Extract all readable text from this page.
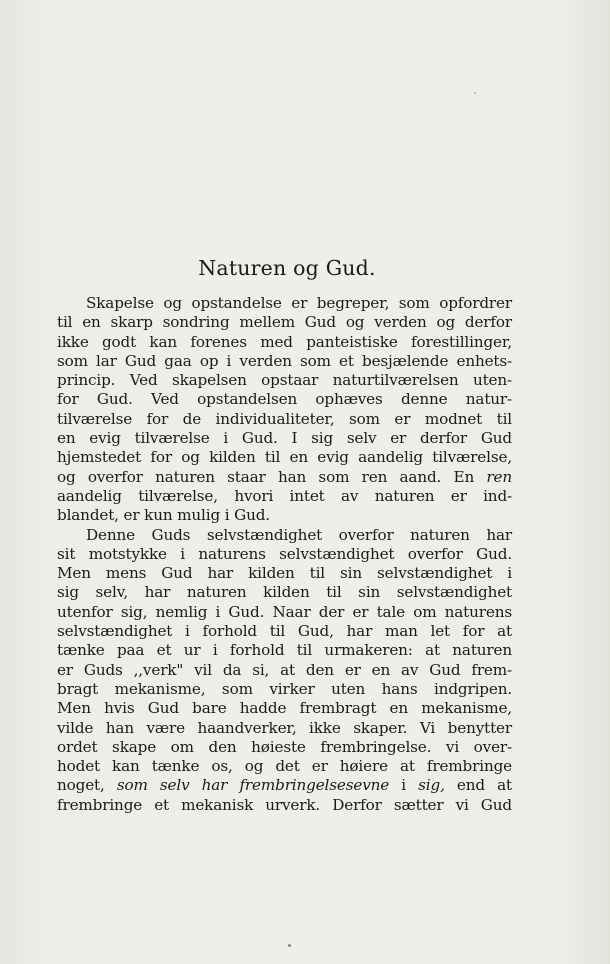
Naturen og Gud.
Skapelse og opstandelse er begreper, som opfordrer
til en skarp sondring mellem Gud og verden og derfor
ikke godt kan forenes med panteistiske forestillinger,
som lar Gud gaa op i verden som et besjælende enhets-
princip. Ved skapelsen opstaar naturtilværelsen uten-
for Gud. Ved opstandelsen ophæves denne natur-
tilværelse for de individualiteter, som er modnet til
en evig tilværelse i Gud. I sig selv er derfor Gud
hjemstedet for og kilden til en evig aandelig tilværelse,
og overfor naturen staar han som ren aand. En ren
aandelig tilværelse, hvori intet av naturen er ind-
blandet, er kun mulig i Gud.
Denne Guds selvstændighet overfor naturen har
sit motstykke i naturens selvstændighet overfor Gud.
Men mens Gud har kilden til sin selvstændighet i
sig selv, har naturen kilden til sin selvstændighet
utenfor sig, nemlig i Gud. Naar der er tale om naturens
selvstændighet i forhold til Gud, har man let for at
tænke paa et ur i forhold til urmakeren: at naturen
er Guds ,,verk" vil da si, at den er en av Gud frem-
bragt mekanisme, som virker uten hans indgripen.
Men hvis Gud bare hadde frembragt en mekanisme,
vilde han være haandverker, ikke skaper. Vi benytter
ordet skape om den høieste frembringelse. vi over-
hodet kan tænke os, og det er høiere at frembringe
noget, som selv har frembringelsesevne i sig, end at
frembringe et mekanisk urverk. Derfor sætter vi Gud
